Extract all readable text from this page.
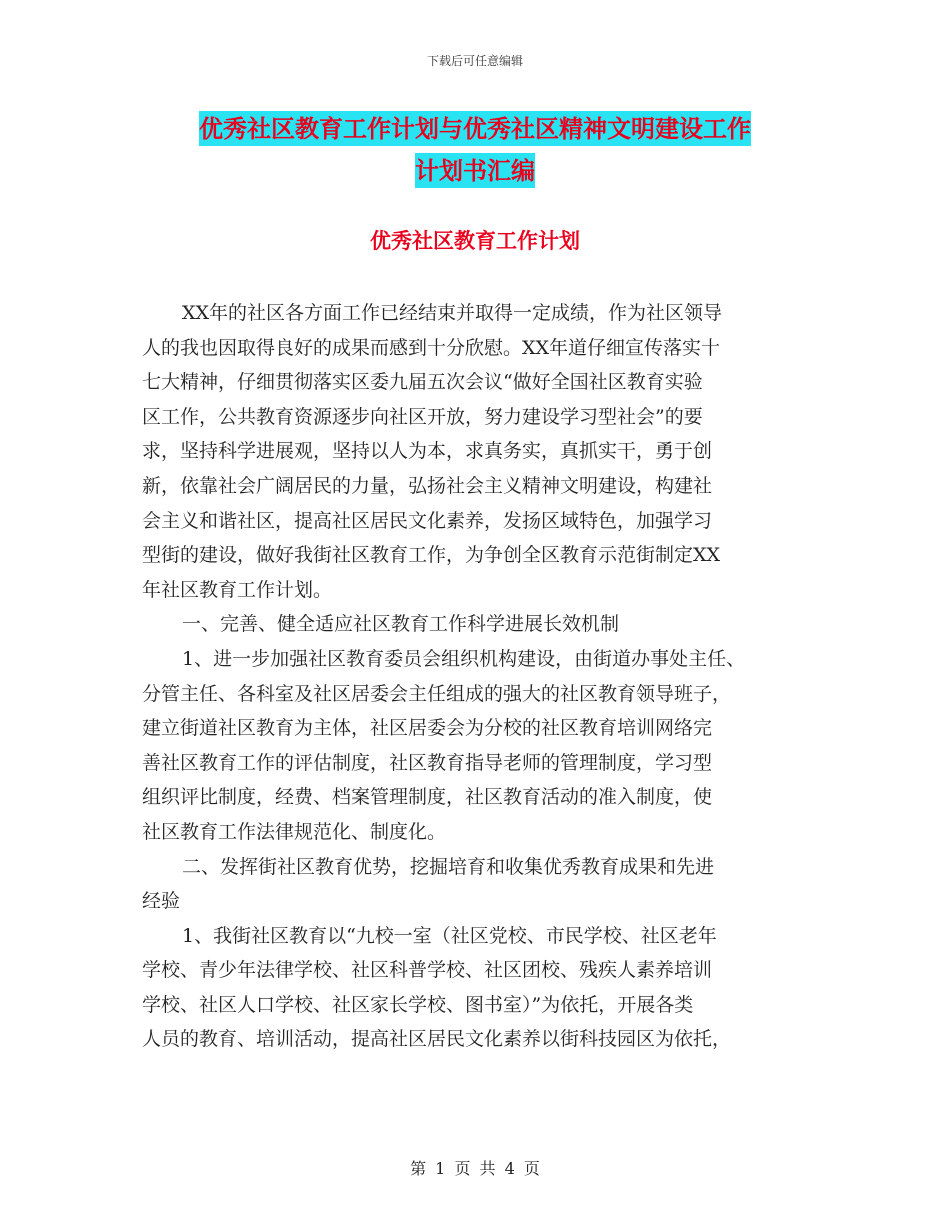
下载后可任意编辑
优秀社区教育工作计划与优秀社区精神文明建设工作
计划书汇编
优秀社区教育工作计划
XX年的社区各方面工作已经结束并取得一定成绩，作为社区领导
人的我也因取得良好的成果而感到十分欣慰。XX年道仔细宣传落实十
七大精神，仔细贯彻落实区委九届五次会议“做好全国社区教育实验
区工作，公共教育资源逐步向社区开放，努力建设学习型社会”的要
求，坚持科学进展观，坚持以人为本，求真务实，真抓实干，勇于创
新，依靠社会广阔居民的力量，弘扬社会主义精神文明建设，构建社
会主义和谐社区，提高社区居民文化素养，发扬区域特色，加强学习
型街的建设，做好我街社区教育工作，为争创全区教育示范街制定XX
年社区教育工作计划。
一、完善、健全适应社区教育工作科学进展长效机制
1、进一步加强社区教育委员会组织机构建设，由街道办事处主任、
分管主任、各科室及社区居委会主任组成的强大的社区教育领导班子，
建立街道社区教育为主体，社区居委会为分校的社区教育培训网络完
善社区教育工作的评估制度，社区教育指导老师的管理制度，学习型
组织评比制度，经费、档案管理制度，社区教育活动的准入制度，使
社区教育工作法律规范化、制度化。
二、发挥街社区教育优势，挖掘培育和收集优秀教育成果和先进
经验
1、我街社区教育以“九校一室（社区党校、市民学校、社区老年
学校、青少年法律学校、社区科普学校、社区团校、残疾人素养培训
学校、社区人口学校、社区家长学校、图书室）”为依托，开展各类
人员的教育、培训活动，提高社区居民文化素养以街科技园区为依托，
第 1 页 共 4 页
